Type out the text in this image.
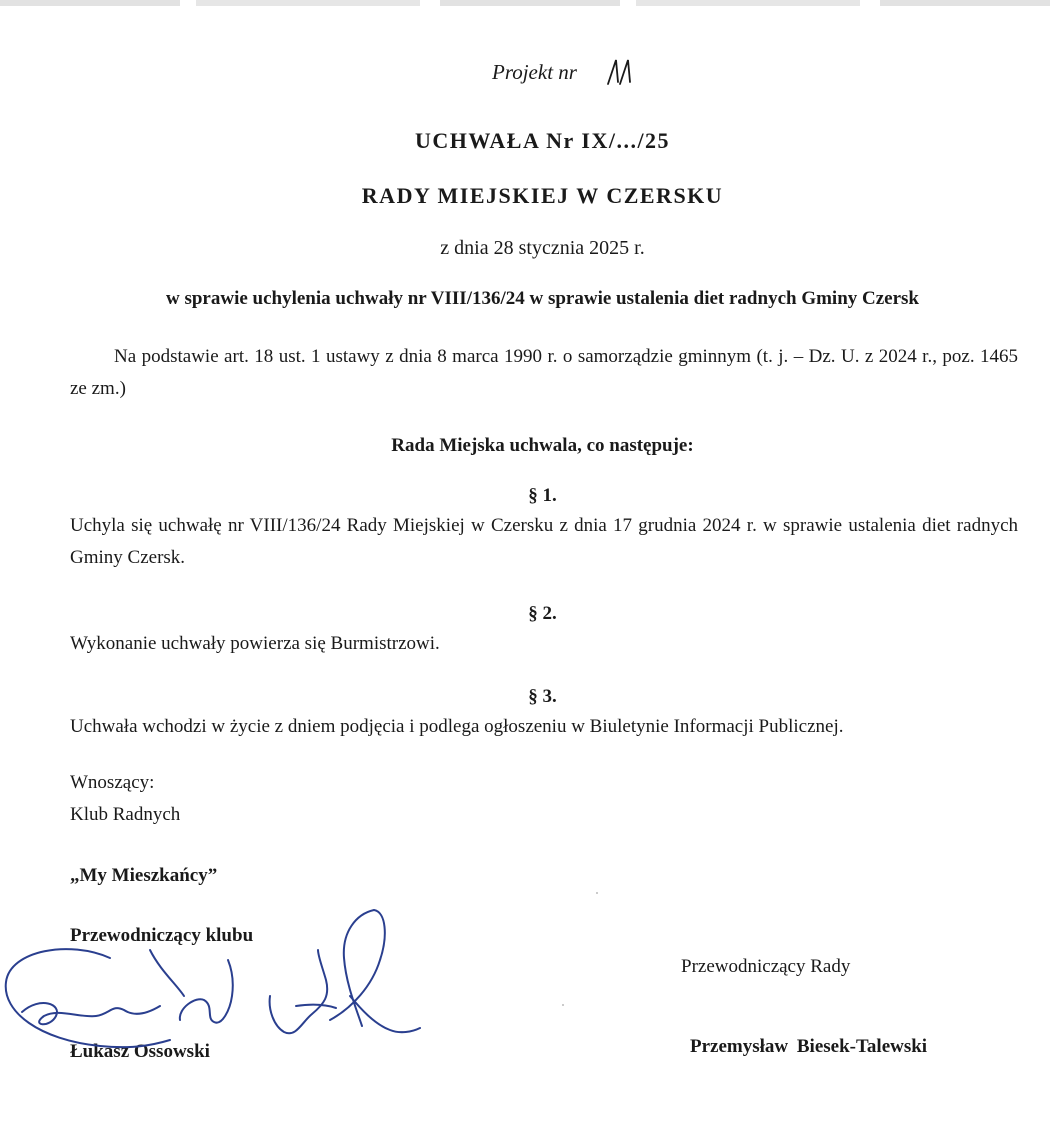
Projekt nr

UCHWAŁA Nr IX/.../25
RADY MIEJSKIEJ W CZERSKU

z dnia 28 stycznia 2025 r.

w sprawie uchylenia uchwały nr VIII/136/24 w sprawie ustalenia diet radnych Gminy Czersk

Na podstawie art. 18 ust. 1 ustawy z dnia 8 marca 1990 r. o samorządzie gminnym (t. j. – Dz. U. z 2024 r., poz. 1465 ze zm.)

Rada Miejska uchwala, co następuje:

§ 1.

Uchyla się uchwałę nr VIII/136/24 Rady Miejskiej w Czersku z dnia 17 grudnia 2024 r. w sprawie ustalenia diet radnych Gminy Czersk.

§ 2.

Wykonanie uchwały powierza się Burmistrzowi.

§ 3.

Uchwała wchodzi w życie z dniem podjęcia i podlega ogłoszeniu w Biuletynie Informacji Publicznej.

Wnoszący:

Klub Radnych

„My Mieszkańcy”

Przewodniczący klubu

Łukasz Ossowski

Przewodniczący Rady

Przemysław Biesek-Talewski
